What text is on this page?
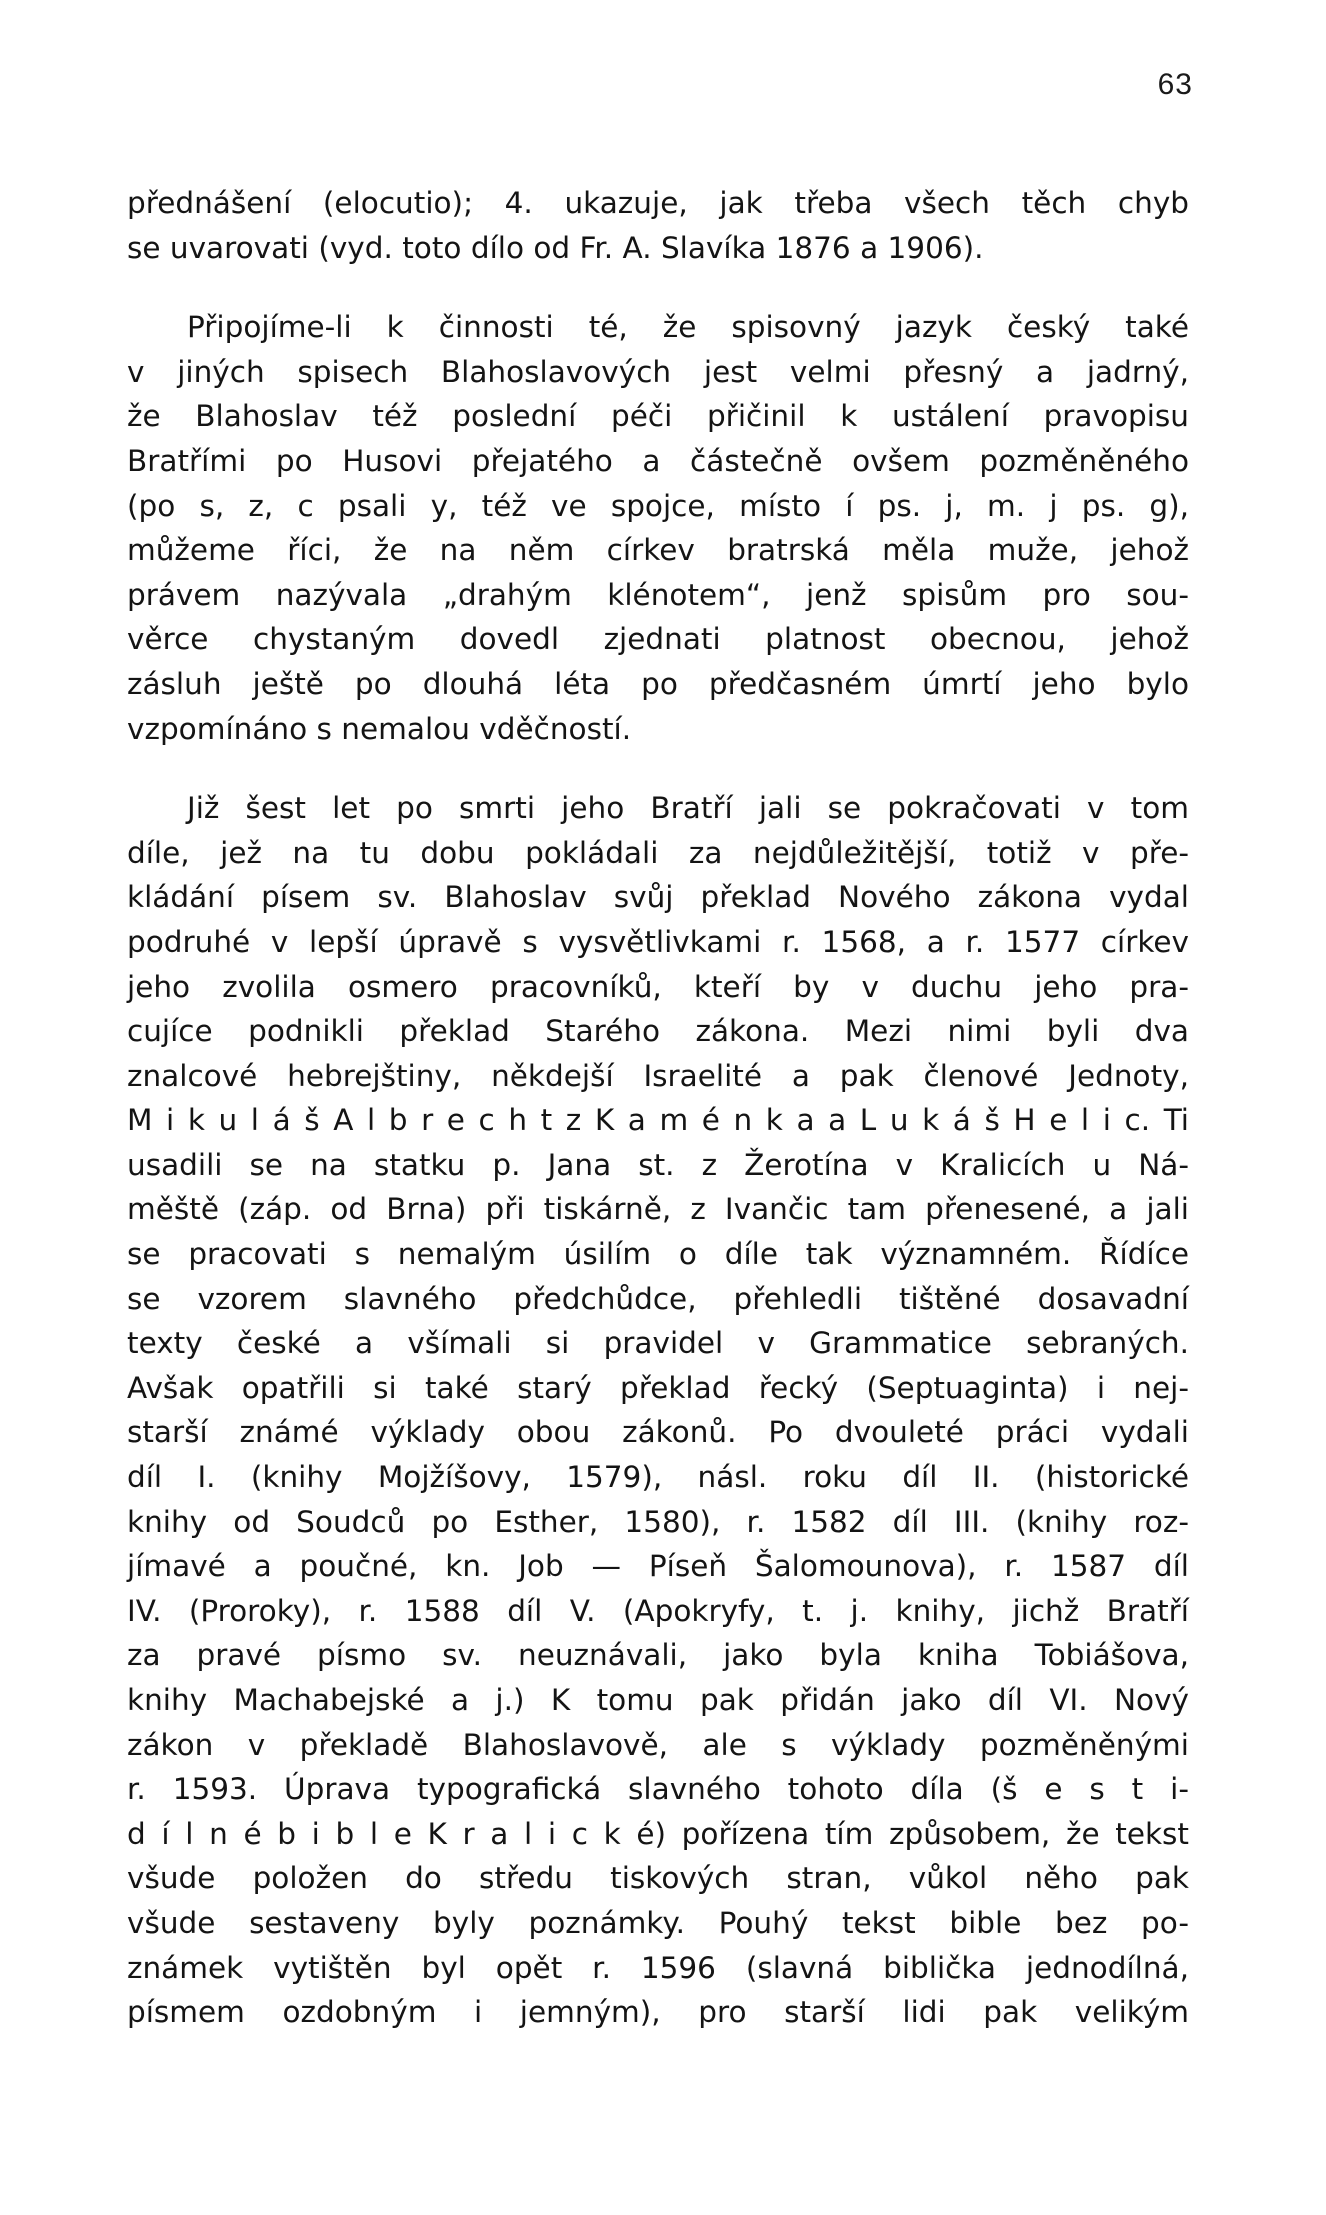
63
přednášení (elocutio); 4. ukazuje, jak třeba všech těch chyb
se uvarovati (vyd. toto dílo od Fr. A. Slavíka 1876 a 1906).
Připojíme-li k činnosti té, že spisovný jazyk český také
v jiných spisech Blahoslavových jest velmi přesný a jadrný,
že Blahoslav též poslední péči přičinil k ustálení pravopisu
Bratřími po Husovi přejatého a částečně ovšem pozměněného
(po s, z, c psali y, též ve spojce, místo í ps. j, m. j ps. g),
můžeme říci, že na něm církev bratrská měla muže, jehož
právem nazývala „drahým klénotem“, jenž spisům pro sou-
věrce chystaným dovedl zjednati platnost obecnou, jehož
zásluh ještě po dlouhá léta po předčasném úmrtí jeho bylo
vzpomínáno s nemalou vděčností.
Již šest let po smrti jeho Bratří jali se pokračovati v tom
díle, jež na tu dobu pokládali za nejdůležitější, totiž v pře-
kládání písem sv. Blahoslav svůj překlad Nového zákona vydal
podruhé v lepší úpravě s vysvětlivkami r. 1568, a r. 1577 církev
jeho zvolila osmero pracovníků, kteří by v duchu jeho pra-
cujíce podnikli překlad Starého zákona. Mezi nimi byli dva
znalcové hebrejštiny, někdejší Israelité a pak členové Jednoty,
M i k u l á š A l b r e c h t z K a m é n k a a L u k á š H e l i c. Ti
usadili se na statku p. Jana st. z Žerotína v Kralicích u Ná-
měště (záp. od Brna) při tiskárně, z Ivančic tam přenesené, a jali
se pracovati s nemalým úsilím o díle tak významném. Řídíce
se vzorem slavného předchůdce, přehledli tištěné dosavadní
texty české a všímali si pravidel v Grammatice sebraných.
Avšak opatřili si také starý překlad řecký (Septuaginta) i nej-
starší známé výklady obou zákonů. Po dvouleté práci vydali
díl I. (knihy Mojžíšovy, 1579), násl. roku díl II. (historické
knihy od Soudců po Esther, 1580), r. 1582 díl III. (knihy roz-
jímavé a poučné, kn. Job — Píseň Šalomounova), r. 1587 díl
IV. (Proroky), r. 1588 díl V. (Apokryfy, t. j. knihy, jichž Bratří
za pravé písmo sv. neuznávali, jako byla kniha Tobiášova,
knihy Machabejské a j.) K tomu pak přidán jako díl VI. Nový
zákon v překladě Blahoslavově, ale s výklady pozměněnými
r. 1593. Úprava typografická slavného tohoto díla (š e s t i-
d í l n é b i b l e K r a l i c k é) pořízena tím způsobem, že tekst
všude položen do středu tiskových stran, vůkol něho pak
všude sestaveny byly poznámky. Pouhý tekst bible bez po-
známek vytištěn byl opět r. 1596 (slavná biblička jednodílná,
písmem ozdobným i jemným), pro starší lidi pak velikým
